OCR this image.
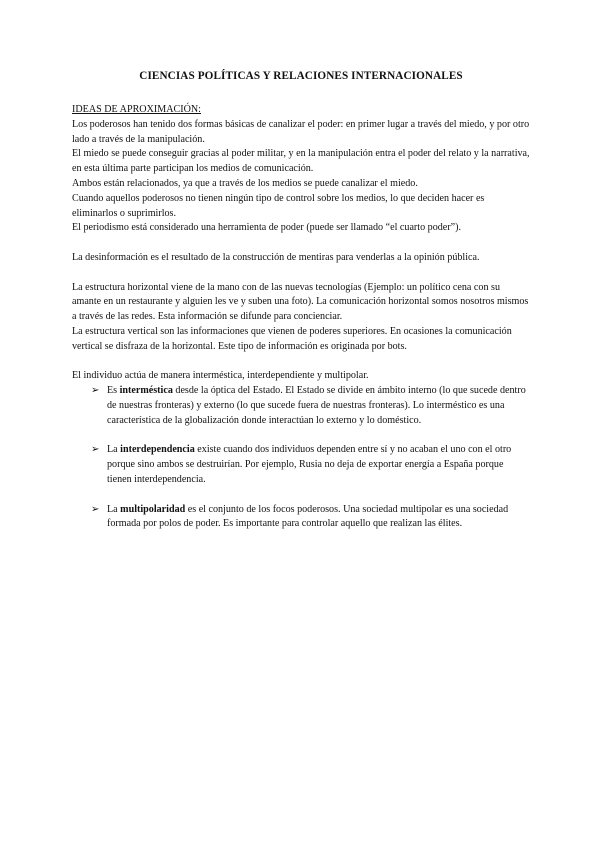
CIENCIAS POLÍTICAS Y RELACIONES INTERNACIONALES

IDEAS DE APROXIMACIÓN:

Los poderosos han tenido dos formas básicas de canalizar el poder: en primer lugar a través del miedo, y por otro lado a través de la manipulación.

El miedo se puede conseguir gracias al poder militar, y en la manipulación entra el poder del relato y la narrativa, en esta última parte participan los medios de comunicación.

Ambos están relacionados, ya que a través de los medios se puede canalizar el miedo.

Cuando aquellos poderosos no tienen ningún tipo de control sobre los medios, lo que deciden hacer es eliminarlos o suprimirlos.

El periodismo está considerado una herramienta de poder (puede ser llamado “el cuarto poder”).

La desinformación es el resultado de la construcción de mentiras para venderlas a la opinión pública.

La estructura horizontal viene de la mano con de las nuevas tecnologías (Ejemplo: un político cena con su amante en un restaurante y alguien les ve y suben una foto). La comunicación horizontal somos nosotros mismos a través de las redes. Esta información se difunde para concienciar.

La estructura vertical son las informaciones que vienen de poderes superiores. En ocasiones la comunicación vertical se disfraza de la horizontal. Este tipo de información es originada por bots.

El individuo actúa de manera interméstica, interdependiente y multipolar.

➢ Es interméstica desde la óptica del Estado. El Estado se divide en ámbito interno (lo que sucede dentro de nuestras fronteras) y externo (lo que sucede fuera de nuestras fronteras). Lo interméstico es una característica de la globalización donde interactúan lo externo y lo doméstico.
➢ La interdependencia existe cuando dos individuos dependen entre sí y no acaban el uno con el otro porque sino ambos se destruirían. Por ejemplo, Rusia no deja de exportar energía a España porque tienen interdependencia.
➢ La multipolaridad es el conjunto de los focos poderosos. Una sociedad multipolar es una sociedad formada por polos de poder. Es importante para controlar aquello que realizan las élites.
